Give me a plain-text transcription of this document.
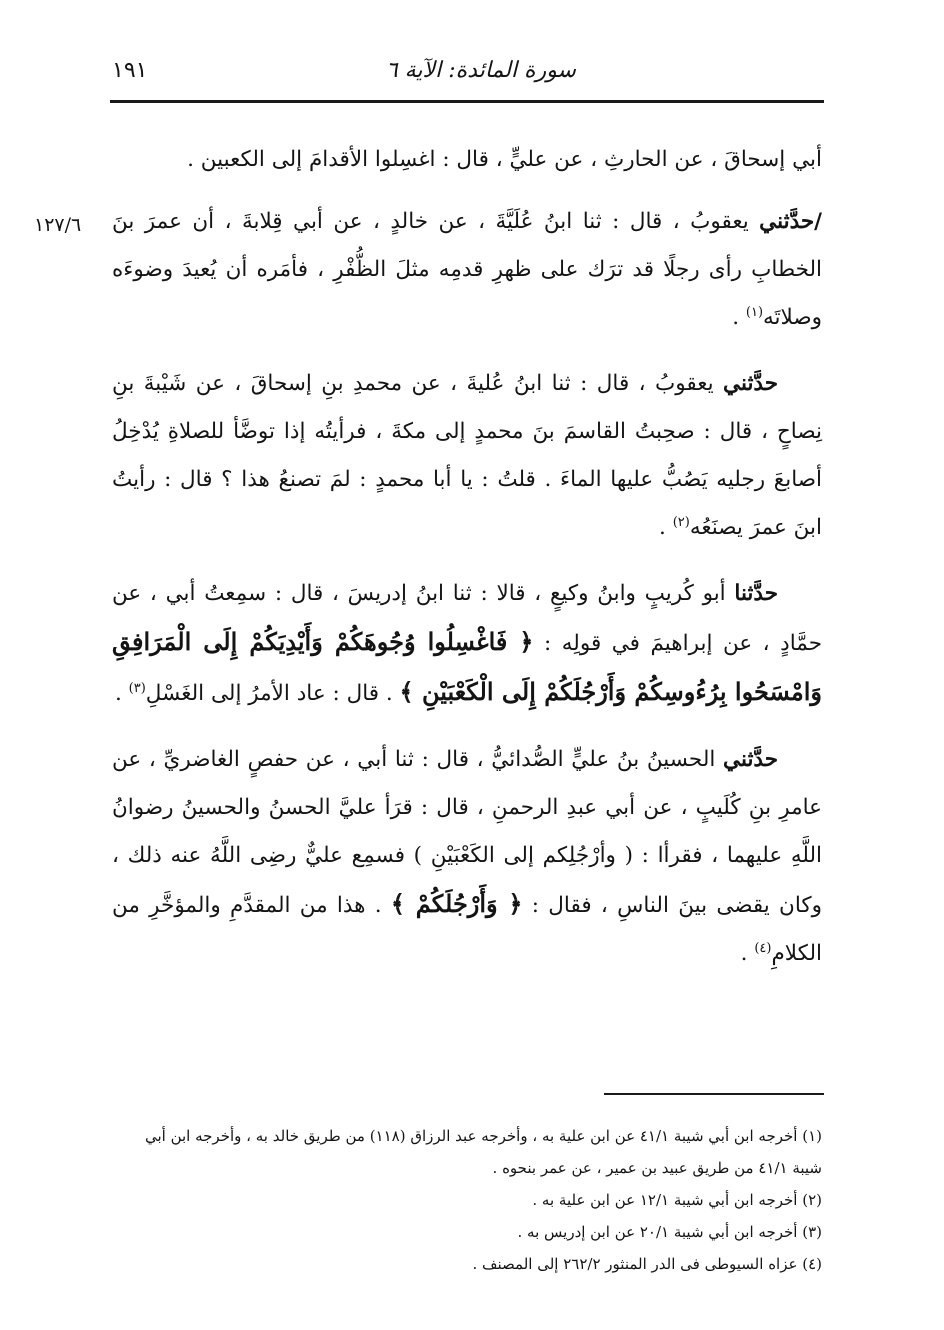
سورة المائدة: الآية ٦
١٩١
١٢٧/٦

أبي إسحاقَ ، عن الحارثِ ، عن عليٍّ ، قال : اغسِلوا الأقدامَ إلى الكعبين .

/حدَّثني يعقوبُ ، قال : ثنا ابنُ عُلَيَّةَ ، عن خالدٍ ، عن أبي قِلابةَ ، أن عمرَ بنَ الخطابِ رأى رجلًا قد ترَك على ظهرِ قدمِه مثلَ الظُّفْرِ ، فأمَره أن يُعيدَ وضوءَه وصلاتَه$^{(١)}$ .

حدَّثني يعقوبُ ، قال : ثنا ابنُ عُليةَ ، عن محمدِ بنِ إسحاقَ ، عن شَيْبةَ بنِ نِصاحٍ ، قال : صحِبتُ القاسمَ بنَ محمدٍ إلى مكةَ ، فرأيتُه إذا توضَّأ للصلاةِ يُدْخِلُ أصابعَ رجليه يَصُبُّ عليها الماءَ . قلتُ : يا أبا محمدٍ : لمَ تصنعُ هذا ؟ قال : رأيتُ ابنَ عمرَ يصنَعُه$^{(٢)}$ .

حدَّثنا أبو كُريبٍ وابنُ وكيعٍ ، قالا : ثنا ابنُ إدريسَ ، قال : سمِعتُ أبي ، عن حمَّادٍ ، عن إبراهيمَ في قولِه : ﴿ فَاغْسِلُوا وُجُوهَكُمْ وَأَيْدِيَكُمْ إِلَى الْمَرَافِقِ وَامْسَحُوا بِرُءُوسِكُمْ وَأَرْجُلَكُمْ إِلَى الْكَعْبَيْنِ ﴾ . قال : عاد الأمرُ إلى الغَسْلِ$^{(٣)}$ .

حدَّثني الحسينُ بنُ عليٍّ الصُّدائيُّ ، قال : ثنا أبي ، عن حفصٍ الغاضريِّ ، عن عامرِ بنِ كُلَيبٍ ، عن أبي عبدِ الرحمنِ ، قال : قرَأ عليَّ الحسنُ والحسينُ رضوانُ اللَّهِ عليهما ، فقرأا : ( وأرْجُلِكم إلى الكَعْبَيْنِ ) فسمِع عليٌّ رضِى اللَّهُ عنه ذلك ، وكان يقضى بينَ الناسِ ، فقال : ﴿ وَأَرْجُلَكُمْ ﴾ . هذا من المقدَّمِ والمؤخَّرِ من الكلامِ$^{(٤)}$ .

(١) أخرجه ابن أبي شيبة ٤١/١ عن ابن علية به ، وأخرجه عبد الرزاق (١١٨) من طريق خالد به ، وأخرجه ابن أبي شيبة ٤١/١ من طريق عبيد بن عمير ، عن عمر بنحوه .

(٢) أخرجه ابن أبي شيبة ١٢/١ عن ابن علية به .

(٣) أخرجه ابن أبي شيبة ٢٠/١ عن ابن إدريس به .

(٤) عزاه السيوطى فى الدر المنثور ٢٦٢/٢ إلى المصنف .
